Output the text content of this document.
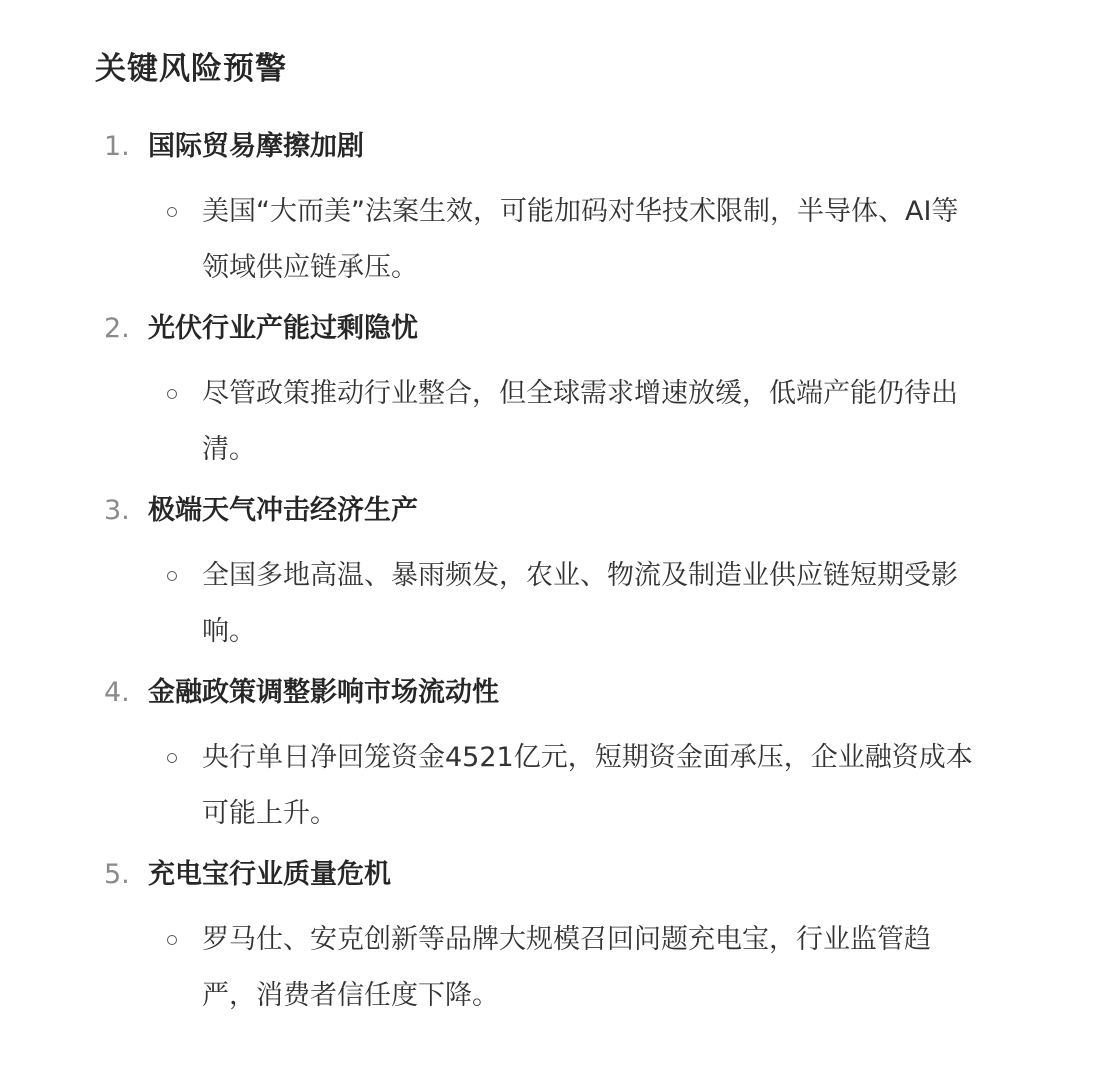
关键风险预警
1. 国际贸易摩擦加剧

美国“大而美”法案生效，可能加码对华技术限制，半导体、AI等
领域供应链承压。

2. 光伏行业产能过剩隐忧

尽管政策推动行业整合，但全球需求增速放缓，低端产能仍待出
清。

3. 极端天气冲击经济生产

全国多地高温、暴雨频发，农业、物流及制造业供应链短期受影
响。

4. 金融政策调整影响市场流动性

央行单日净回笼资金4521亿元，短期资金面承压，企业融资成本
可能上升。

5. 充电宝行业质量危机

罗马仕、安克创新等品牌大规模召回问题充电宝，行业监管趋
严，消费者信任度下降。
